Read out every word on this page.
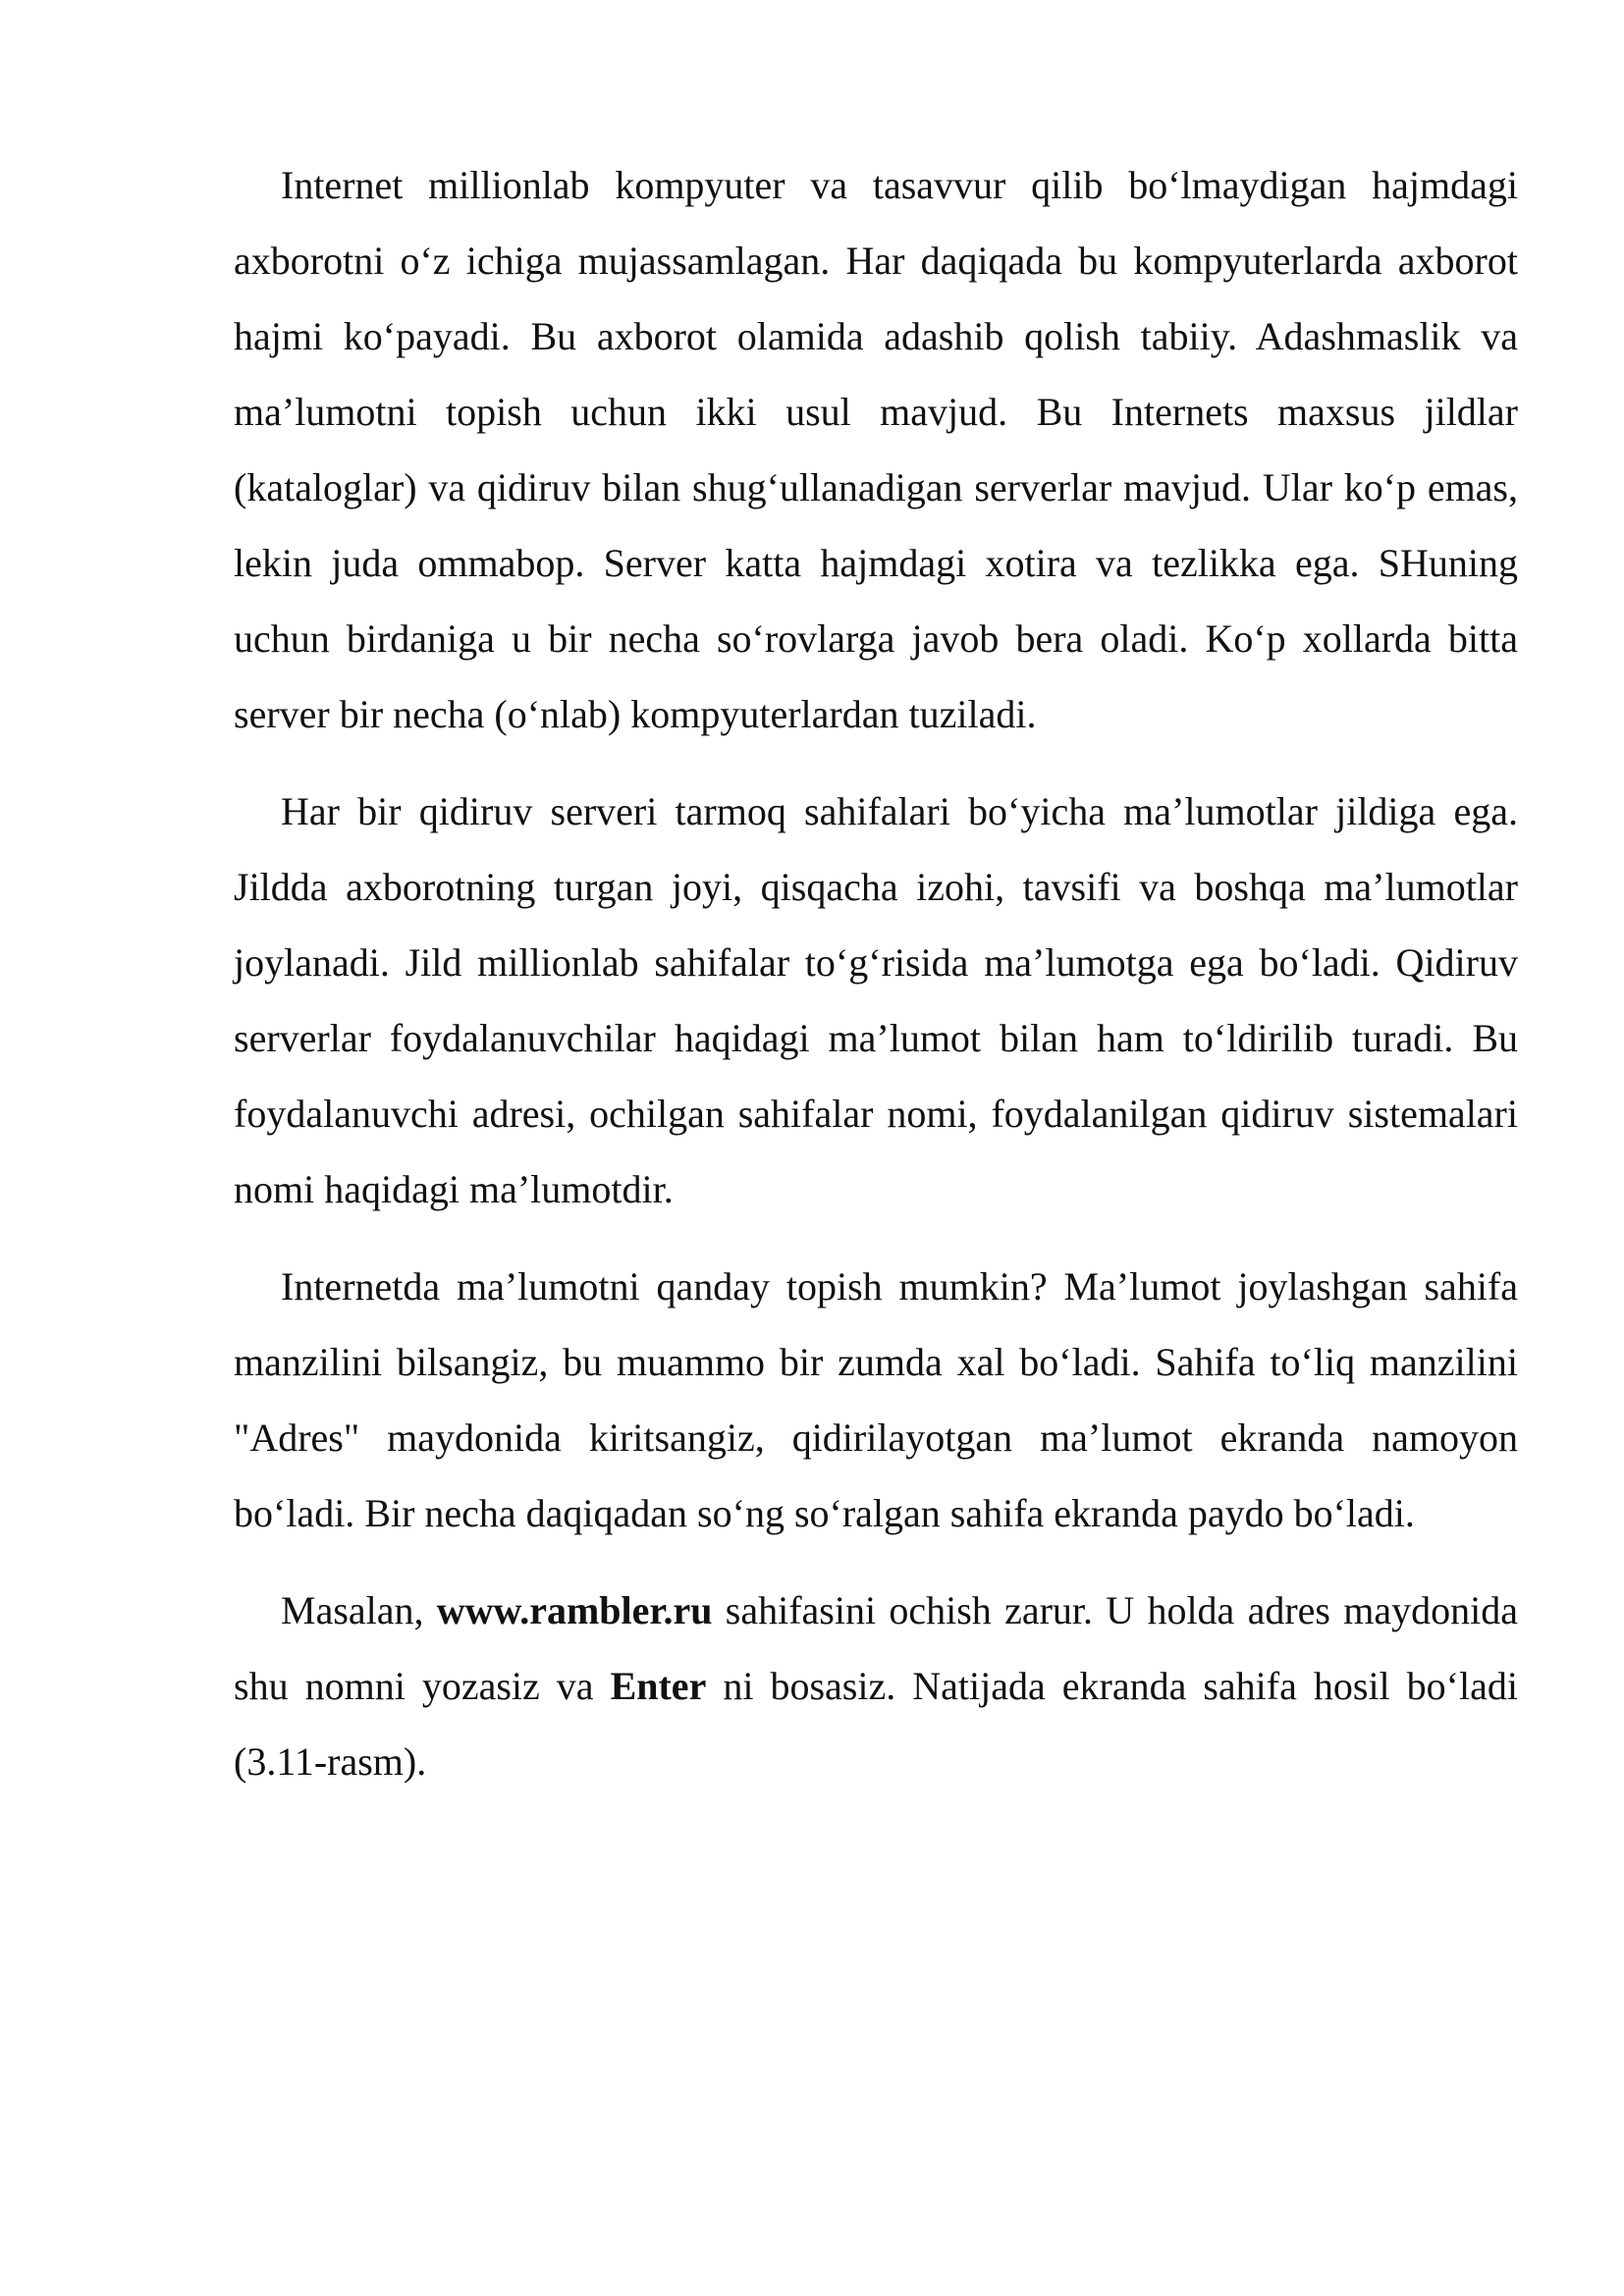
Internet millionlab kompyuter va tasavvur qilib bo‘lmaydigan hajmdagi axborotni o‘z ichiga mujassamlagan. Har daqiqada bu kompyuterlarda axborot hajmi ko‘payadi. Bu axborot olamida adashib qolish tabiiy. Adashmaslik va ma’lumotni topish uchun ikki usul mavjud. Bu Internets maxsus jildlar (kataloglar) va qidiruv bilan shug‘ullanadigan serverlar mavjud. Ular ko‘p emas, lekin juda ommabop. Server katta hajmdagi xotira va tezlikka ega. SHuning uchun birdaniga u bir necha so‘rovlarga javob bera oladi. Ko‘p xollarda bitta server bir necha (o‘nlab) kompyuterlardan tuziladi.

Har bir qidiruv serveri tarmoq sahifalari bo‘yicha ma’lumotlar jildiga ega. Jildda axborotning turgan joyi, qisqacha izohi, tavsifi va boshqa ma’lumotlar joylanadi. Jild millionlab sahifalar to‘g‘risida ma’lumotga ega bo‘ladi. Qidiruv serverlar foydalanuvchilar haqidagi ma’lumot bilan ham to‘ldirilib turadi. Bu foydalanuvchi adresi, ochilgan sahifalar nomi, foydalanilgan qidiruv sistemalari nomi haqidagi ma’lumotdir.

Internetda ma’lumotni qanday topish mumkin? Ma’lumot joylashgan sahifa manzilini bilsangiz, bu muammo bir zumda xal bo‘ladi. Sahifa to‘liq manzilini "Adres" maydonida kiritsangiz, qidirilayotgan ma’lumot ekranda namoyon bo‘ladi. Bir necha daqiqadan so‘ng so‘ralgan sahifa ekranda paydo bo‘ladi.

Masalan, www.rambler.ru sahifasini ochish zarur. U holda adres maydonida shu nomni yozasiz va Enter ni bosasiz. Natijada ekranda sahifa hosil bo‘ladi (3.11-rasm).
